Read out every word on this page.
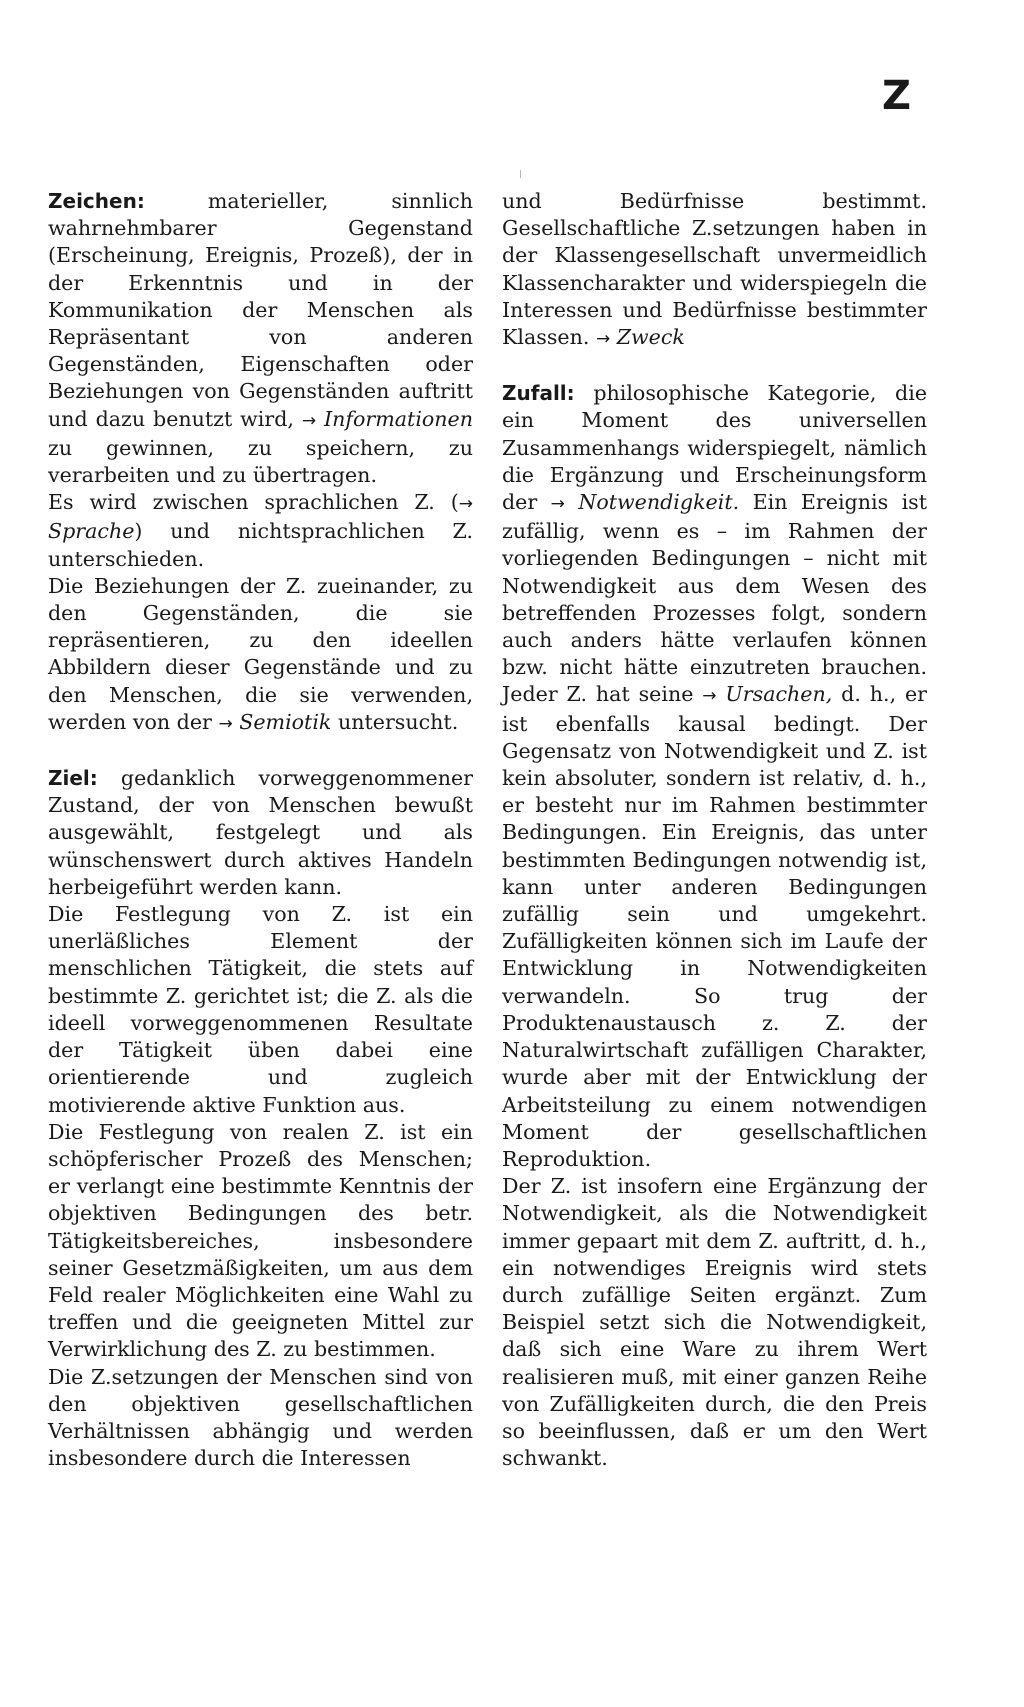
Z

Zeichen:	materieller, sinnlich wahrnehmbarer Gegenstand (Erscheinung, Ereignis, Prozeß), der in der Erkenntnis und in der Kommunikation der Menschen als Repräsentant von anderen Gegenständen, Eigenschaften oder Beziehungen von Gegenständen auftritt und dazu benutzt wird, → Informationen zu gewinnen, zu speichern, zu verarbeiten und zu übertragen.

Es wird zwischen sprachlichen Z. (→ Sprache) und nichtsprachlichen Z. unterschieden.

Die Beziehungen der Z. zueinander, zu den Gegenständen, die sie repräsentieren, zu den ideellen Abbildern dieser Gegenstände und zu den Menschen, die sie verwenden, werden von der → Semiotik untersucht.

Ziel: gedanklich vorweggenommener Zustand, der von Menschen bewußt ausgewählt, festgelegt und als wünschenswert durch aktives Handeln herbeigeführt werden kann.

Die Festlegung von Z. ist ein unerläßliches Element der menschlichen Tätigkeit, die stets auf bestimmte Z. gerichtet ist; die Z. als die ideell vorweggenommenen Resultate der Tätigkeit üben dabei eine orientierende und zugleich motivierende aktive Funktion aus.

Die Festlegung von realen Z. ist ein schöpferischer Prozeß des Menschen; er verlangt eine bestimmte Kenntnis der objektiven Bedingungen des betr. Tätigkeitsbereiches, insbesondere seiner Gesetzmäßigkeiten, um aus dem Feld realer Möglichkeiten eine Wahl zu treffen und die geeigneten Mittel zur Verwirklichung des Z. zu bestimmen.

Die Z.setzungen der Menschen sind von den objektiven gesellschaftlichen Verhältnissen abhängig und werden insbesondere durch die Interessen

und Bedürfnisse bestimmt. Gesellschaftliche Z.setzungen haben in der Klassengesellschaft unvermeidlich Klassencharakter und widerspiegeln die Interessen und Bedürfnisse bestimmter Klassen. → Zweck

Zufall: philosophische Kategorie, die ein Moment des universellen Zusammenhangs widerspiegelt, nämlich die Ergänzung und Erscheinungsform der → Notwendigkeit. Ein Ereignis ist zufällig, wenn es – im Rahmen der vorliegenden Bedingungen – nicht mit Notwendigkeit aus dem Wesen des betreffenden Prozesses folgt, sondern auch anders hätte verlaufen können bzw. nicht hätte einzutreten brauchen. Jeder Z. hat seine → Ursachen, d. h., er ist ebenfalls kausal bedingt. Der Gegensatz von Notwendigkeit und Z. ist kein absoluter, sondern ist relativ, d. h., er besteht nur im Rahmen bestimmter Bedingungen. Ein Ereignis, das unter bestimmten Bedingungen notwendig ist, kann unter anderen Bedingungen zufällig sein und umgekehrt. Zufälligkeiten können sich im Laufe der Entwicklung in Notwendigkeiten verwandeln. So trug der Produktenaustausch z. Z. der Naturalwirtschaft zufälligen Charakter, wurde aber mit der Entwicklung der Arbeitsteilung zu einem notwendigen Moment der gesellschaftlichen Reproduktion.

Der Z. ist insofern eine Ergänzung der Notwendigkeit, als die Notwendigkeit immer gepaart mit dem Z. auftritt, d. h., ein notwendiges Ereignis wird stets durch zufällige Seiten ergänzt. Zum Beispiel setzt sich die Notwendigkeit, daß sich eine Ware zu ihrem Wert realisieren muß, mit einer ganzen Reihe von Zufälligkeiten durch, die den Preis so beeinflussen, daß er um den Wert schwankt.
